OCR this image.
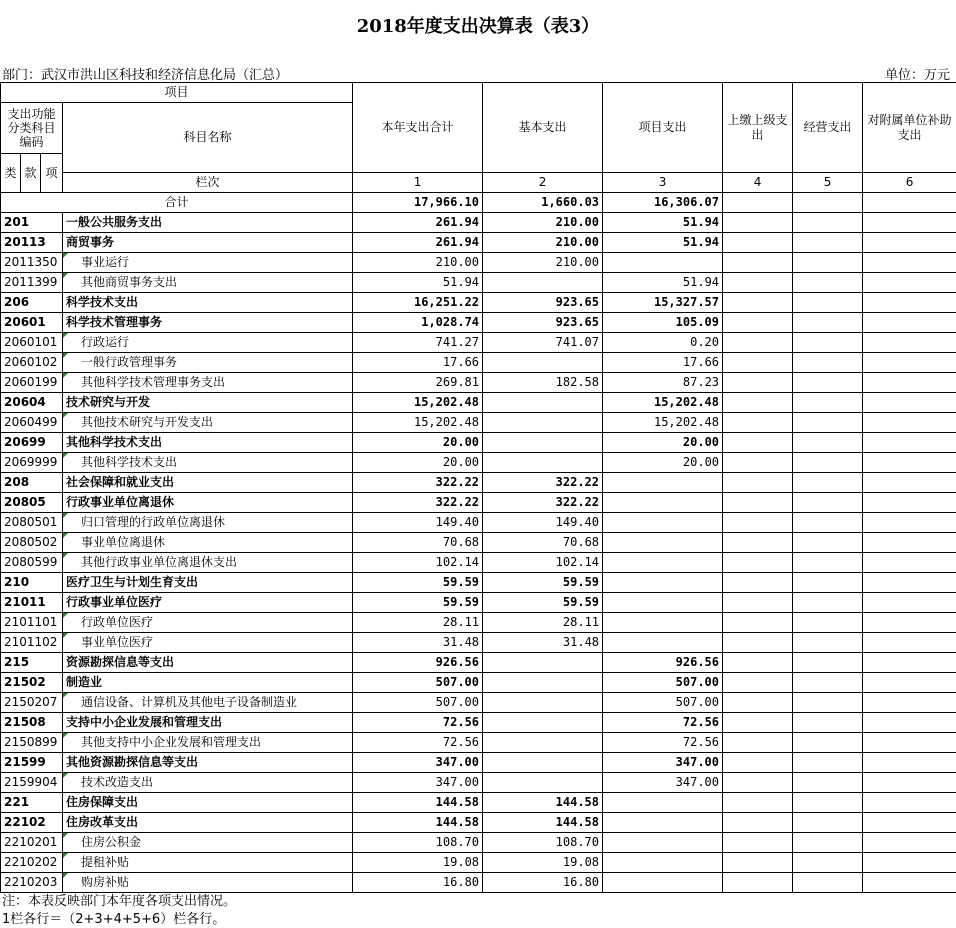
2018年度支出决算表（表3）
部门：武汉市洪山区科技和经济信息化局（汇总）	单位：万元
项目				本年支出合计	基本支出	项目支出	上缴上级支出	经营支出	对附属单位补助支出
支出功能分类科目编码			科目名称						
类	款	项							
			栏次	1	2	3	4	5	6
合计				17,966.10	1,660.03	16,306.07			
201			一般公共服务支出	261.94	210.00	51.94			
20113			商贸事务	261.94	210.00	51.94			
2011350			事业运行	210.00	210.00				
2011399			其他商贸事务支出	51.94		51.94			
206			科学技术支出	16,251.22	923.65	15,327.57			
20601			科学技术管理事务	1,028.74	923.65	105.09			
2060101			行政运行	741.27	741.07	0.20			
2060102			一般行政管理事务	17.66		17.66			
2060199			其他科学技术管理事务支出	269.81	182.58	87.23			
20604			技术研究与开发	15,202.48		15,202.48			
2060499			其他技术研究与开发支出	15,202.48		15,202.48			
20699			其他科学技术支出	20.00		20.00			
2069999			其他科学技术支出	20.00		20.00			
208			社会保障和就业支出	322.22	322.22				
20805			行政事业单位离退休	322.22	322.22				
2080501			归口管理的行政单位离退休	149.40	149.40				
2080502			事业单位离退休	70.68	70.68				
2080599			其他行政事业单位离退休支出	102.14	102.14				
210			医疗卫生与计划生育支出	59.59	59.59				
21011			行政事业单位医疗	59.59	59.59				
2101101			行政单位医疗	28.11	28.11				
2101102			事业单位医疗	31.48	31.48				
215			资源勘探信息等支出	926.56		926.56			
21502			制造业	507.00		507.00			
2150207			通信设备、计算机及其他电子设备制造业	507.00		507.00			
21508			支持中小企业发展和管理支出	72.56		72.56			
2150899			其他支持中小企业发展和管理支出	72.56		72.56			
21599			其他资源勘探信息等支出	347.00		347.00			
2159904			技术改造支出	347.00		347.00			
221			住房保障支出	144.58	144.58				
22102			住房改革支出	144.58	144.58				
2210201			住房公积金	108.70	108.70				
2210202			提租补贴	19.08	19.08				
2210203			购房补贴	16.80	16.80				
注：本表反映部门本年度各项支出情况。
1栏各行＝（2+3+4+5+6）栏各行。
